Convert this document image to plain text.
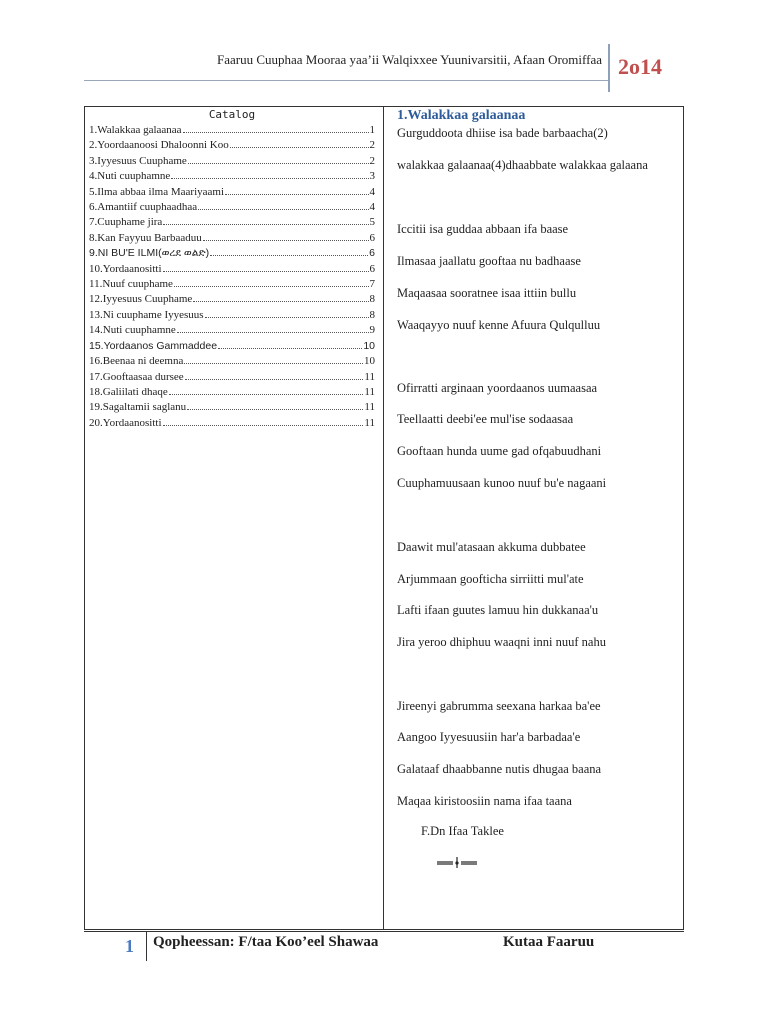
Faaruu Cuuphaa Mooraa yaa’ii Walqixxee Yuunivarsitii, Afaan Oromiffaa 2o14
Catalog
1.Walakkaa galaanaa	1
2.Yoordaanoosi Dhaloonni Koo	2
3.Iyyesuus Cuuphame	2
4.Nuti cuuphamne	3
5.Ilma abbaa ilma Maariyaami	4
6.Amantiif cuuphaadhaa	4
7.Cuuphame jira	5
8.Kan Fayyuu Barbaaduu	6
9.NI BU'E ILMI(ወረደ ወልድ)	6
10.Yordaanositti	6
11.Nuuf cuuphame	7
12.Iyyesuus Cuuphame	8
13.Ni cuuphame Iyyesuus	8
14.Nuti cuuphamne	9
15.Yordaanos Gammaddee	10
16.Beenaa ni deemna	10
17.Gooftaasaa dursee	11
18.Galiilati dhaqe	11
19.Sagaltamii saglanu	11
20.Yordaanositti	11
1.Walakkaa galaanaa
Gurguddoota dhiise isa bade barbaacha(2)
walakkaa galaanaa(4)dhaabbate walakkaa galaana
Iccitii isa guddaa abbaan ifa baase
Ilmasaa jaallatu gooftaa nu badhaase
Maqaasaa sooratnee isaa ittiin bullu
Waaqayyo nuuf kenne Afuura Qulqulluu
Ofirratti arginaan yoordaanos uumaasaa
Teellaatti deebi'ee mul'ise sodaasaa
Gooftaan hunda uume gad ofqabuudhani
Cuuphamuusaan kunoo nuuf bu'e nagaani
Daawit mul'atasaan akkuma dubbatee
Arjummaan goofticha sirriitti mul'ate
Lafti ifaan guutes lamuu hin dukkanaa'u
Jira yeroo dhiphuu waaqni inni nuuf nahu
Jireenyi gabrumma seexana harkaa ba'ee
Aangoo Iyyesuusiin har'a barbadaa'e
Galataaf dhaabbanne nutis dhugaa baana
Maqaa kiristoosiin nama ifaa taana
F.Dn Ifaa Taklee
1 Qopheessan: F/taa Koo’eel Shawaa	Kutaa Faaruu
